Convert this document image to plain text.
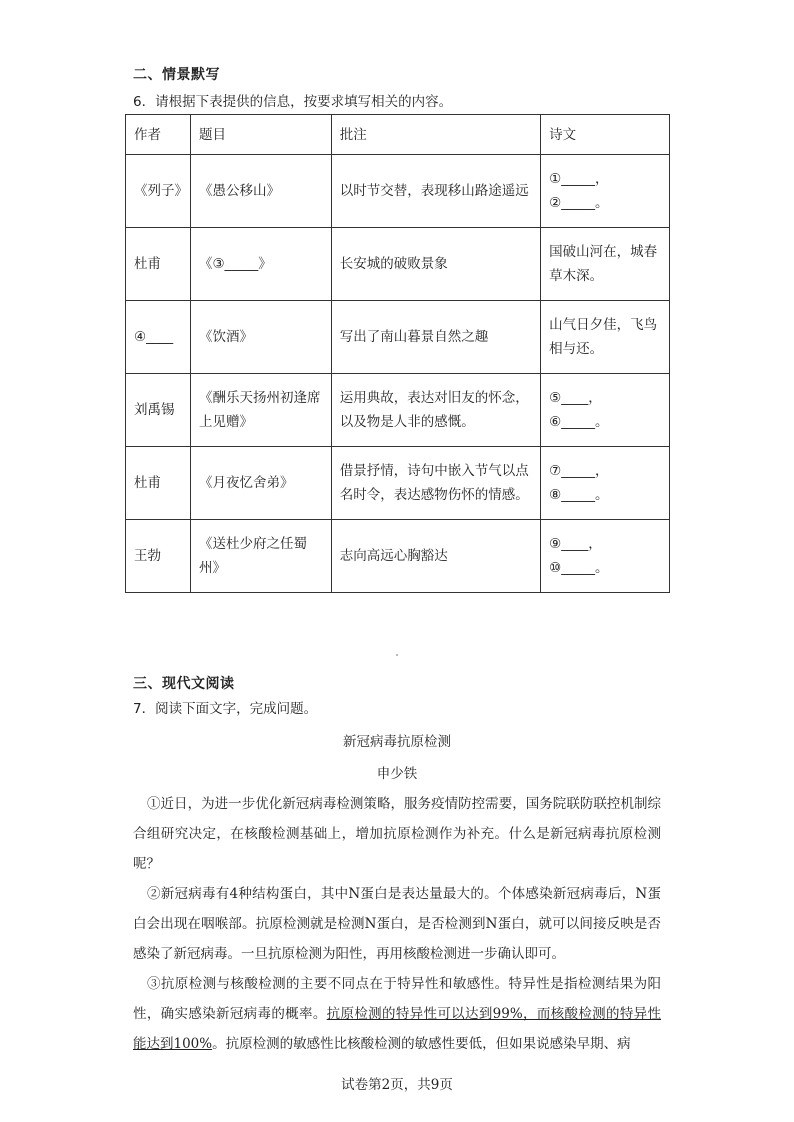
二、情景默写
6．请根据下表提供的信息，按要求填写相关的内容。
作者	题目	批注	诗文
《列子》	《愚公移山》	以时节交替，表现移山路途遥远	①_____，②_____。
杜甫	《③_____》	长安城的破败景象	国破山河在，城春草木深。
④____	《饮酒》	写出了南山暮景自然之趣	山气日夕佳，飞鸟相与还。
刘禹锡	《酬乐天扬州初逢席上见赠》	运用典故，表达对旧友的怀念，以及物是人非的感慨。	⑤____，⑥_____。
杜甫	《月夜忆舍弟》	借景抒情，诗句中嵌入节气以点名时令，表达感物伤怀的情感。	⑦_____，⑧_____。
王勃	《送杜少府之任蜀州》	志向高远心胸豁达	⑨____，⑩_____。
三、现代文阅读
7．阅读下面文字，完成问题。
新冠病毒抗原检测
申少铁
①近日，为进一步优化新冠病毒检测策略，服务疫情防控需要，国务院联防联控机制综合组研究决定，在核酸检测基础上，增加抗原检测作为补充。什么是新冠病毒抗原检测呢？
②新冠病毒有4种结构蛋白，其中N蛋白是表达量最大的。个体感染新冠病毒后，N蛋白会出现在咽喉部。抗原检测就是检测N蛋白，是否检测到N蛋白，就可以间接反映是否感染了新冠病毒。一旦抗原检测为阳性，再用核酸检测进一步确认即可。
③抗原检测与核酸检测的主要不同点在于特异性和敏感性。特异性是指检测结果为阳性，确实感染新冠病毒的概率。抗原检测的特异性可以达到99%，而核酸检测的特异性能达到100%。抗原检测的敏感性比核酸检测的敏感性要低，但如果说感染早期、病
试卷第2页，共9页
